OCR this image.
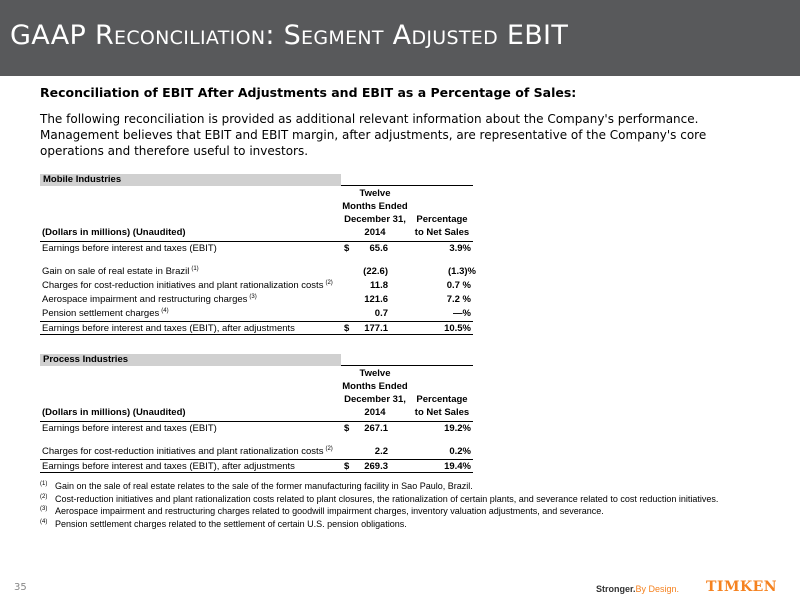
GAAP Reconciliation: Segment Adjusted EBIT
Reconciliation of EBIT After Adjustments and EBIT as a Percentage of Sales:
The following reconciliation is provided as additional relevant information about the Company's performance. Management believes that EBIT and EBIT margin, after adjustments, are representative of the Company's core operations and therefore useful to investors.
Mobile Industries
(Dollars in millions) (Unaudited)
Twelve
Months Ended
December 31,
2014
Percentage
to Net Sales
Earnings before interest and taxes (EBIT)	$ 65.6	3.9%
Gain on sale of real estate in Brazil $^{(1)}$	(22.6)	(1.3)%
Charges for cost-reduction initiatives and plant rationalization costs $^{(2)}$	11.8	0.7 %
Aerospace impairment and restructuring charges $^{(3)}$	121.6	7.2 %
Pension settlement charges $^{(4)}$	0.7	—%
Earnings before interest and taxes (EBIT), after adjustments	$ 177.1	10.5%
Process Industries
(Dollars in millions) (Unaudited)
Twelve
Months Ended
December 31,
2014
Percentage
to Net Sales
Earnings before interest and taxes (EBIT)	$ 267.1	19.2%
Charges for cost-reduction initiatives and plant rationalization costs $^{(2)}$	2.2	0.2%
Earnings before interest and taxes (EBIT), after adjustments	$ 269.3	19.4%
(1) Gain on the sale of real estate relates to the sale of the former manufacturing facility in Sao Paulo, Brazil.
(2) Cost-reduction initiatives and plant rationalization costs related to plant closures, the rationalization of certain plants, and severance related to cost reduction initiatives.
(3) Aerospace impairment and restructuring charges related to goodwill impairment charges, inventory valuation adjustments, and severance.
(4) Pension settlement charges related to the settlement of certain U.S. pension obligations.
35	Stronger.By Design. TIMKEN
